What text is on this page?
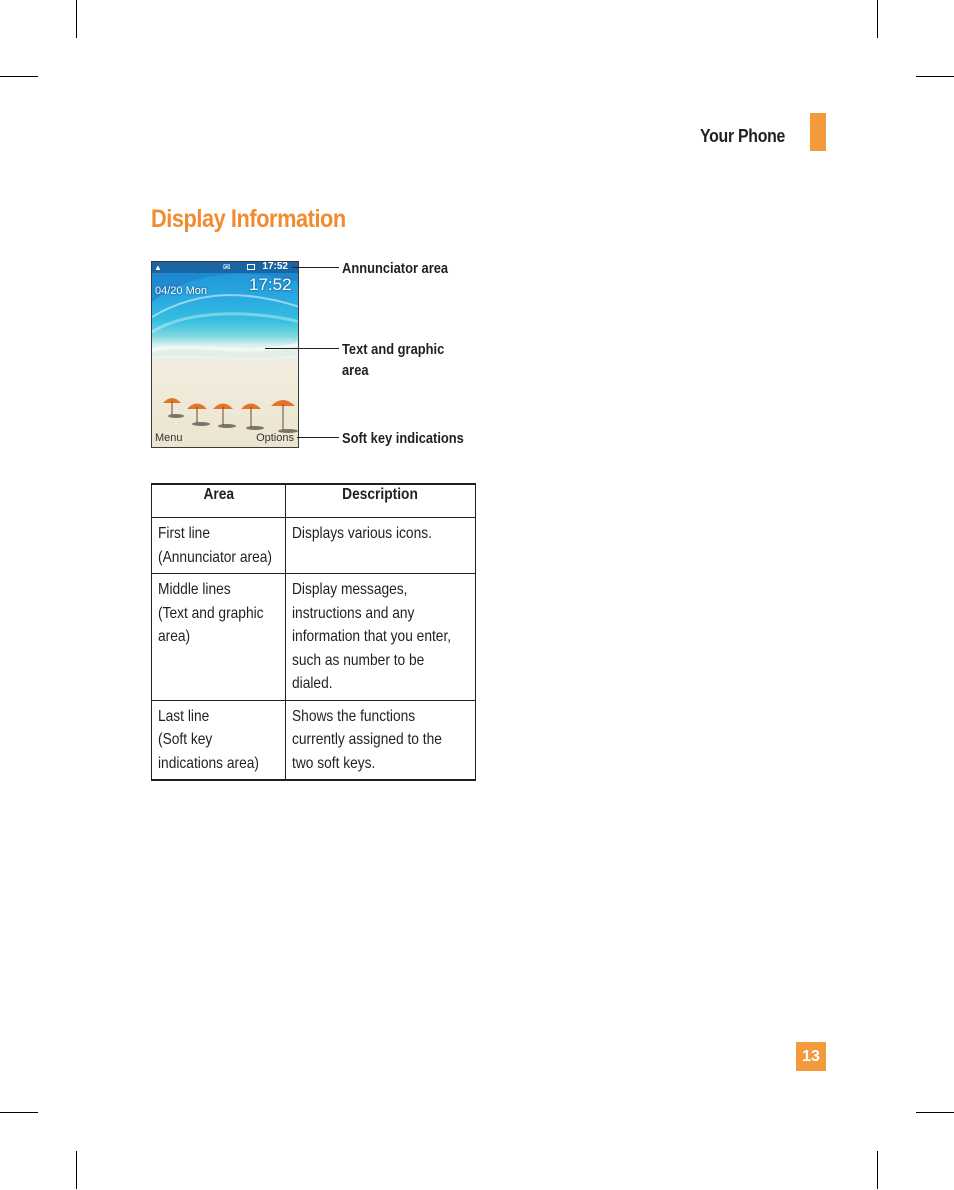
Your Phone
Display Information
▲	✉	17:52
04/20 Mon 17:52
Menu	Options
Annunciator area
Text and graphic
area
Soft key indications
Area	Description

First line
(Annunciator area)	Displays various icons.

Middle lines
(Text and graphic
area)	Display messages,
instructions and any
information that you enter,
such as number to be
dialed.

Last line
(Soft key
indications area)	Shows the functions
currently assigned to the
two soft keys.
13
